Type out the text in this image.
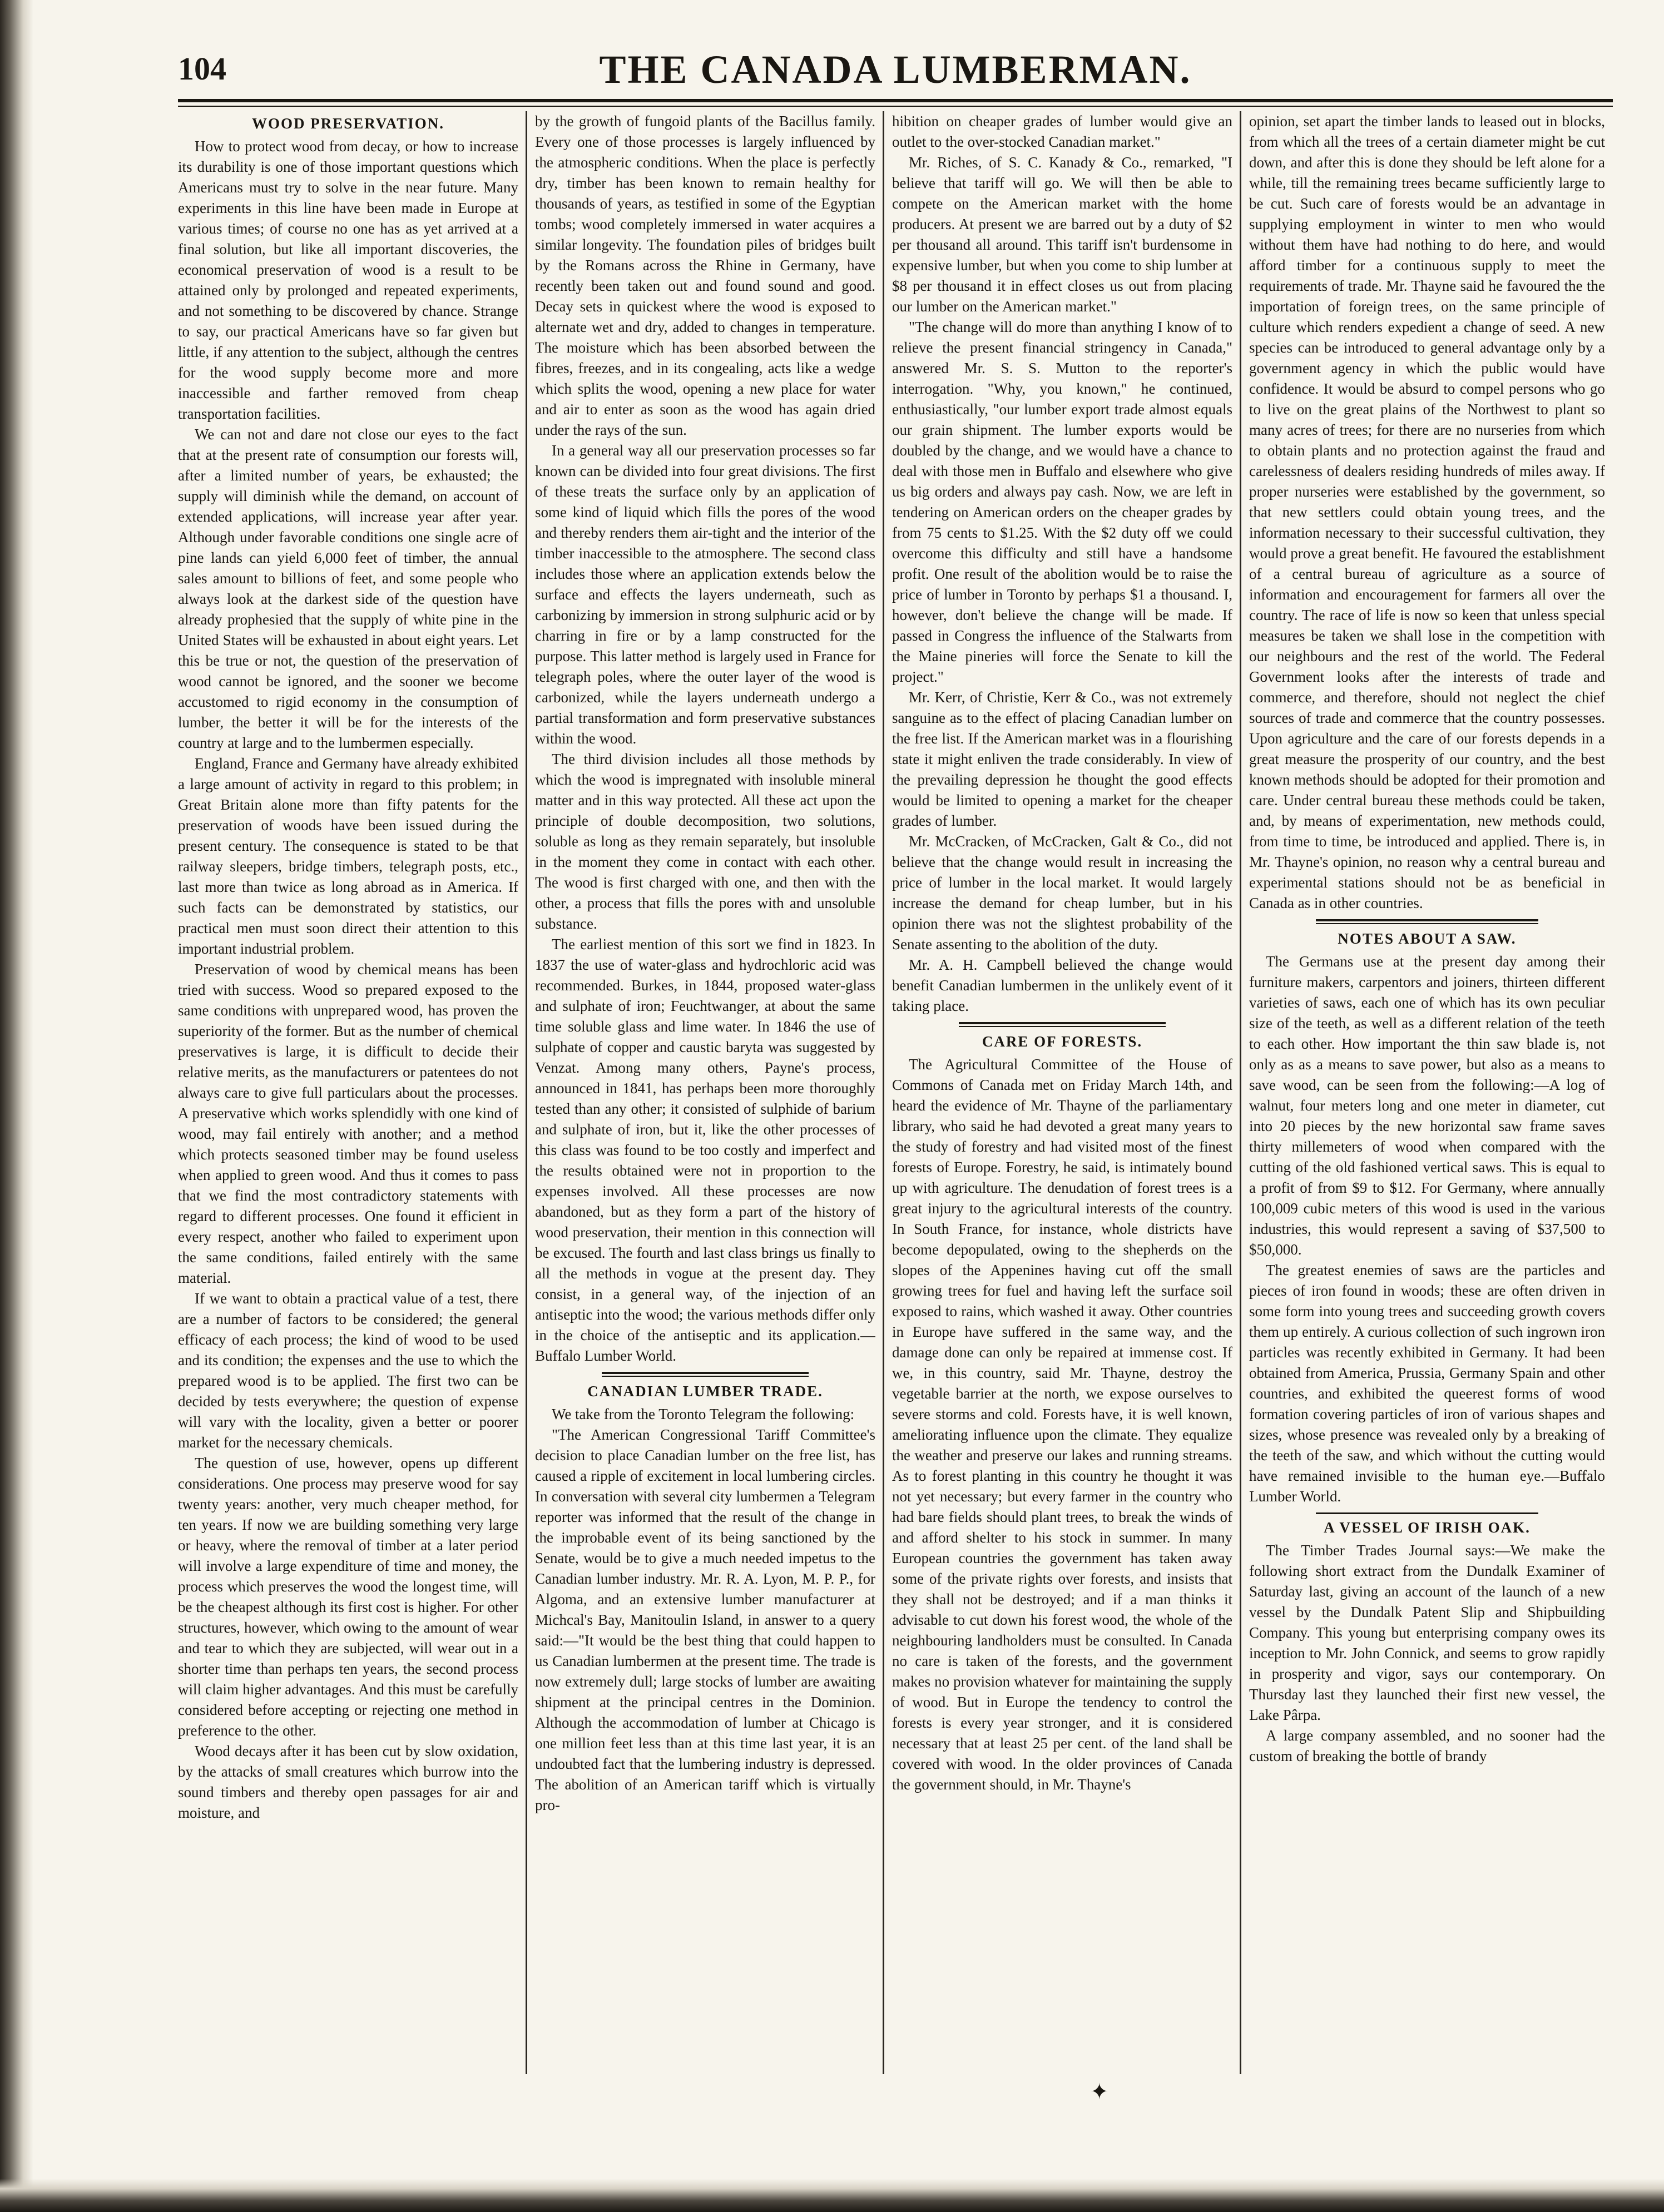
104	THE CANADA LUMBERMAN.
WOOD PRESERVATION.

How to protect wood from decay, or how to increase its durability is one of those important questions which Americans must try to solve in the near future. Many experiments in this line have been made in Europe at various times; of course no one has as yet arrived at a final solution, but like all important discoveries, the economical preservation of wood is a result to be attained only by prolonged and repeated experiments, and not something to be discovered by chance. Strange to say, our practical Americans have so far given but little, if any attention to the subject, although the centres for the wood supply become more and more inaccessible and farther removed from cheap transportation facilities.

We can not and dare not close our eyes to the fact that at the present rate of consumption our forests will, after a limited number of years, be exhausted; the supply will diminish while the demand, on account of extended applications, will increase year after year. Although under favorable conditions one single acre of pine lands can yield 6,000 feet of timber, the annual sales amount to billions of feet, and some people who always look at the darkest side of the question have already prophesied that the supply of white pine in the United States will be exhausted in about eight years. Let this be true or not, the question of the preservation of wood cannot be ignored, and the sooner we become accustomed to rigid economy in the consumption of lumber, the better it will be for the interests of the country at large and to the lumbermen especially.

England, France and Germany have already exhibited a large amount of activity in regard to this problem; in Great Britain alone more than fifty patents for the preservation of woods have been issued during the present century. The consequence is stated to be that railway sleepers, bridge timbers, telegraph posts, etc., last more than twice as long abroad as in America. If such facts can be demonstrated by statistics, our practical men must soon direct their attention to this important industrial problem.

Preservation of wood by chemical means has been tried with success. Wood so prepared exposed to the same conditions with unprepared wood, has proven the superiority of the former. But as the number of chemical preservatives is large, it is difficult to decide their relative merits, as the manufacturers or patentees do not always care to give full particulars about the processes. A preservative which works splendidly with one kind of wood, may fail entirely with another; and a method which protects seasoned timber may be found useless when applied to green wood. And thus it comes to pass that we find the most contradictory statements with regard to different processes. One found it efficient in every respect, another who failed to experiment upon the same conditions, failed entirely with the same material.

If we want to obtain a practical value of a test, there are a number of factors to be considered; the general efficacy of each process; the kind of wood to be used and its condition; the expenses and the use to which the prepared wood is to be applied. The first two can be decided by tests everywhere; the question of expense will vary with the locality, given a better or poorer market for the necessary chemicals.

The question of use, however, opens up different considerations. One process may preserve wood for say twenty years: another, very much cheaper method, for ten years. If now we are building something very large or heavy, where the removal of timber at a later period will involve a large expenditure of time and money, the process which preserves the wood the longest time, will be the cheapest although its first cost is higher. For other structures, however, which owing to the amount of wear and tear to which they are subjected, will wear out in a shorter time than perhaps ten years, the second process will claim higher advantages. And this must be carefully considered before accepting or rejecting one method in preference to the other.

Wood decays after it has been cut by slow oxidation, by the attacks of small creatures which burrow into the sound timbers and thereby open passages for air and moisture, and

by the growth of fungoid plants of the Bacillus family. Every one of those processes is largely influenced by the atmospheric conditions. When the place is perfectly dry, timber has been known to remain healthy for thousands of years, as testified in some of the Egyptian tombs; wood completely immersed in water acquires a similar longevity. The foundation piles of bridges built by the Romans across the Rhine in Germany, have recently been taken out and found sound and good. Decay sets in quickest where the wood is exposed to alternate wet and dry, added to changes in temperature. The moisture which has been absorbed between the fibres, freezes, and in its congealing, acts like a wedge which splits the wood, opening a new place for water and air to enter as soon as the wood has again dried under the rays of the sun.

In a general way all our preservation processes so far known can be divided into four great divisions. The first of these treats the surface only by an application of some kind of liquid which fills the pores of the wood and thereby renders them air-tight and the interior of the timber inaccessible to the atmosphere. The second class includes those where an application extends below the surface and effects the layers underneath, such as carbonizing by immersion in strong sulphuric acid or by charring in fire or by a lamp constructed for the purpose. This latter method is largely used in France for telegraph poles, where the outer layer of the wood is carbonized, while the layers underneath undergo a partial transformation and form preservative substances within the wood.

The third division includes all those methods by which the wood is impregnated with insoluble mineral matter and in this way protected. All these act upon the principle of double decomposition, two solutions, soluble as long as they remain separately, but insoluble in the moment they come in contact with each other. The wood is first charged with one, and then with the other, a process that fills the pores with and unsoluble substance.

The earliest mention of this sort we find in 1823. In 1837 the use of water-glass and hydrochloric acid was recommended. Burkes, in 1844, proposed water-glass and sulphate of iron; Feuchtwanger, at about the same time soluble glass and lime water. In 1846 the use of sulphate of copper and caustic baryta was suggested by Venzat. Among many others, Payne's process, announced in 1841, has perhaps been more thoroughly tested than any other; it consisted of sulphide of barium and sulphate of iron, but it, like the other processes of this class was found to be too costly and imperfect and the results obtained were not in proportion to the expenses involved. All these processes are now abandoned, but as they form a part of the history of wood preservation, their mention in this connection will be excused. The fourth and last class brings us finally to all the methods in vogue at the present day. They consist, in a general way, of the injection of an antiseptic into the wood; the various methods differ only in the choice of the antiseptic and its application.—Buffalo Lumber World.

CANADIAN LUMBER TRADE.

We take from the Toronto Telegram the following:

"The American Congressional Tariff Committee's decision to place Canadian lumber on the free list, has caused a ripple of excitement in local lumbering circles. In conversation with several city lumbermen a Telegram reporter was informed that the result of the change in the improbable event of its being sanctioned by the Senate, would be to give a much needed impetus to the Canadian lumber industry. Mr. R. A. Lyon, M. P. P., for Algoma, and an extensive lumber manufacturer at Michcal's Bay, Manitoulin Island, in answer to a query said:—"It would be the best thing that could happen to us Canadian lumbermen at the present time. The trade is now extremely dull; large stocks of lumber are awaiting shipment at the principal centres in the Dominion. Although the accommodation of lumber at Chicago is one million feet less than at this time last year, it is an undoubted fact that the lumbering industry is depressed. The abolition of an American tariff which is virtually pro-

hibition on cheaper grades of lumber would give an outlet to the over-stocked Canadian market."

Mr. Riches, of S. C. Kanady & Co., remarked, "I believe that tariff will go. We will then be able to compete on the American market with the home producers. At present we are barred out by a duty of $2 per thousand all around. This tariff isn't burdensome in expensive lumber, but when you come to ship lumber at $8 per thousand it in effect closes us out from placing our lumber on the American market."

"The change will do more than anything I know of to relieve the present financial stringency in Canada," answered Mr. S. S. Mutton to the reporter's interrogation. "Why, you known," he continued, enthusiastically, "our lumber export trade almost equals our grain shipment. The lumber exports would be doubled by the change, and we would have a chance to deal with those men in Buffalo and elsewhere who give us big orders and always pay cash. Now, we are left in tendering on American orders on the cheaper grades by from 75 cents to $1.25. With the $2 duty off we could overcome this difficulty and still have a handsome profit. One result of the abolition would be to raise the price of lumber in Toronto by perhaps $1 a thousand. I, however, don't believe the change will be made. If passed in Congress the influence of the Stalwarts from the Maine pineries will force the Senate to kill the project."

Mr. Kerr, of Christie, Kerr & Co., was not extremely sanguine as to the effect of placing Canadian lumber on the free list. If the American market was in a flourishing state it might enliven the trade considerably. In view of the prevailing depression he thought the good effects would be limited to opening a market for the cheaper grades of lumber.

Mr. McCracken, of McCracken, Galt & Co., did not believe that the change would result in increasing the price of lumber in the local market. It would largely increase the demand for cheap lumber, but in his opinion there was not the slightest probability of the Senate assenting to the abolition of the duty.

Mr. A. H. Campbell believed the change would benefit Canadian lumbermen in the unlikely event of it taking place.

CARE OF FORESTS.

The Agricultural Committee of the House of Commons of Canada met on Friday March 14th, and heard the evidence of Mr. Thayne of the parliamentary library, who said he had devoted a great many years to the study of forestry and had visited most of the finest forests of Europe. Forestry, he said, is intimately bound up with agriculture. The denudation of forest trees is a great injury to the agricultural interests of the country. In South France, for instance, whole districts have become depopulated, owing to the shepherds on the slopes of the Appenines having cut off the small growing trees for fuel and having left the surface soil exposed to rains, which washed it away. Other countries in Europe have suffered in the same way, and the damage done can only be repaired at immense cost. If we, in this country, said Mr. Thayne, destroy the vegetable barrier at the north, we expose ourselves to severe storms and cold. Forests have, it is well known, ameliorating influence upon the climate. They equalize the weather and preserve our lakes and running streams. As to forest planting in this country he thought it was not yet necessary; but every farmer in the country who had bare fields should plant trees, to break the winds of and afford shelter to his stock in summer. In many European countries the government has taken away some of the private rights over forests, and insists that they shall not be destroyed; and if a man thinks it advisable to cut down his forest wood, the whole of the neighbouring landholders must be consulted. In Canada no care is taken of the forests, and the government makes no provision whatever for maintaining the supply of wood. But in Europe the tendency to control the forests is every year stronger, and it is considered necessary that at least 25 per cent. of the land shall be covered with wood. In the older provinces of Canada the government should, in Mr. Thayne's

opinion, set apart the timber lands to leased out in blocks, from which all the trees of a certain diameter might be cut down, and after this is done they should be left alone for a while, till the remaining trees became sufficiently large to be cut. Such care of forests would be an advantage in supplying employment in winter to men who would without them have had nothing to do here, and would afford timber for a continuous supply to meet the requirements of trade. Mr. Thayne said he favoured the the importation of foreign trees, on the same principle of culture which renders expedient a change of seed. A new species can be introduced to general advantage only by a government agency in which the public would have confidence. It would be absurd to compel persons who go to live on the great plains of the Northwest to plant so many acres of trees; for there are no nurseries from which to obtain plants and no protection against the fraud and carelessness of dealers residing hundreds of miles away. If proper nurseries were established by the government, so that new settlers could obtain young trees, and the information necessary to their successful cultivation, they would prove a great benefit. He favoured the establishment of a central bureau of agriculture as a source of information and encouragement for farmers all over the country. The race of life is now so keen that unless special measures be taken we shall lose in the competition with our neighbours and the rest of the world. The Federal Government looks after the interests of trade and commerce, and therefore, should not neglect the chief sources of trade and commerce that the country possesses. Upon agriculture and the care of our forests depends in a great measure the prosperity of our country, and the best known methods should be adopted for their promotion and care. Under central bureau these methods could be taken, and, by means of experimentation, new methods could, from time to time, be introduced and applied. There is, in Mr. Thayne's opinion, no reason why a central bureau and experimental stations should not be as beneficial in Canada as in other countries.

NOTES ABOUT A SAW.

The Germans use at the present day among their furniture makers, carpentors and joiners, thirteen different varieties of saws, each one of which has its own peculiar size of the teeth, as well as a different relation of the teeth to each other. How important the thin saw blade is, not only as as a means to save power, but also as a means to save wood, can be seen from the following:—A log of walnut, four meters long and one meter in diameter, cut into 20 pieces by the new horizontal saw frame saves thirty millemeters of wood when compared with the cutting of the old fashioned vertical saws. This is equal to a profit of from $9 to $12. For Germany, where annually 100,009 cubic meters of this wood is used in the various industries, this would represent a saving of $37,500 to $50,000.

The greatest enemies of saws are the particles and pieces of iron found in woods; these are often driven in some form into young trees and succeeding growth covers them up entirely. A curious collection of such ingrown iron particles was recently exhibited in Germany. It had been obtained from America, Prussia, Germany Spain and other countries, and exhibited the queerest forms of wood formation covering particles of iron of various shapes and sizes, whose presence was revealed only by a breaking of the teeth of the saw, and which without the cutting would have remained invisible to the human eye.—Buffalo Lumber World.

A VESSEL OF IRISH OAK.

The Timber Trades Journal says:—We make the following short extract from the Dundalk Examiner of Saturday last, giving an account of the launch of a new vessel by the Dundalk Patent Slip and Shipbuilding Company. This young but enterprising company owes its inception to Mr. John Connick, and seems to grow rapidly in prosperity and vigor, says our contemporary. On Thursday last they launched their first new vessel, the Lake Pârpa.

A large company assembled, and no sooner had the custom of breaking the bottle of brandy

✦
